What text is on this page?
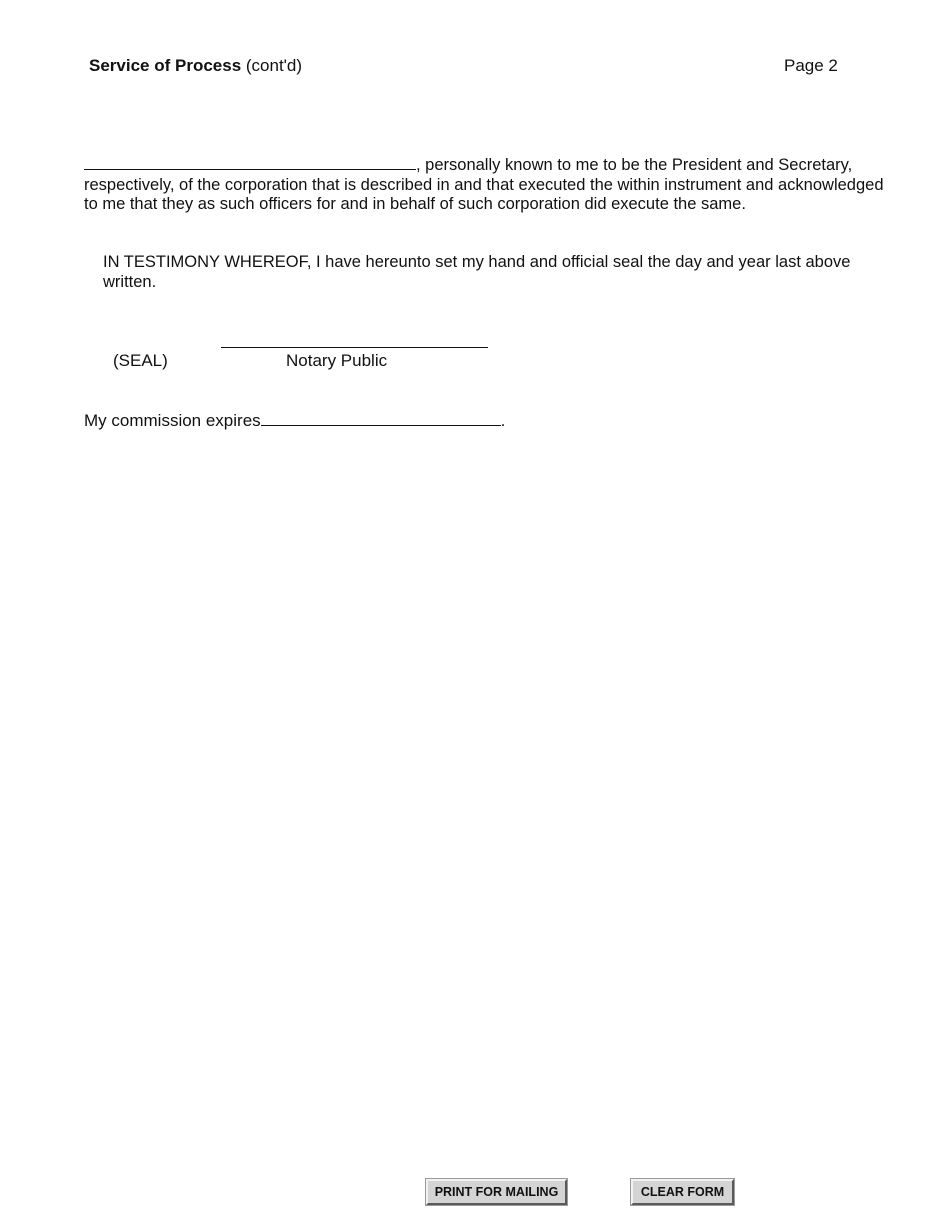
Service of Process (cont'd)	Page 2
, personally known to me to be the President and Secretary, respectively, of the corporation that is described in and that executed the within instrument and acknowledged to me that they as such officers for and in behalf of such corporation did execute the same.
IN TESTIMONY WHEREOF, I have hereunto set my hand and official seal the day and year last above written.
(SEAL)	Notary Public
My commission expires	.
PRINT FOR MAILING	CLEAR FORM
